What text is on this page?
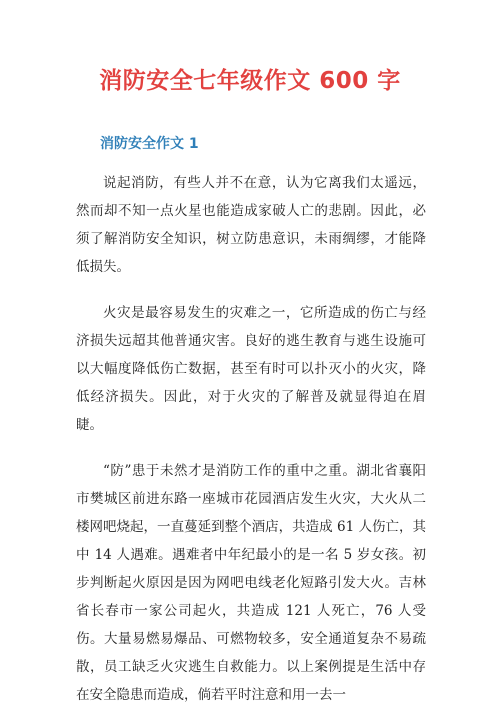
消防安全七年级作文 600 字
消防安全作文 1

说起消防，有些人并不在意，认为它离我们太遥远，然而却不知一点火星也能造成家破人亡的悲剧。因此，必须了解消防安全知识，树立防患意识，未雨绸缪，才能降低损失。

火灾是最容易发生的灾难之一，它所造成的伤亡与经济损失远超其他普通灾害。良好的逃生教育与逃生设施可以大幅度降低伤亡数据，甚至有时可以扑灭小的火灾，降低经济损失。因此，对于火灾的了解普及就显得迫在眉睫。

“防”患于未然才是消防工作的重中之重。湖北省襄阳市樊城区前进东路一座城市花园酒店发生火灾，大火从二楼网吧烧起，一直蔓延到整个酒店，共造成 61 人伤亡，其中 14 人遇难。遇难者中年纪最小的是一名 5 岁女孩。初步判断起火原因是因为网吧电线老化短路引发大火。吉林省长春市一家公司起火，共造成 121 人死亡，76 人受伤。大量易燃易爆品、可燃物较多，安全通道复杂不易疏散，员工缺乏火灾逃生自救能力。以上案例提是生活中存在安全隐患而造成，倘若平时注意和用一去一
